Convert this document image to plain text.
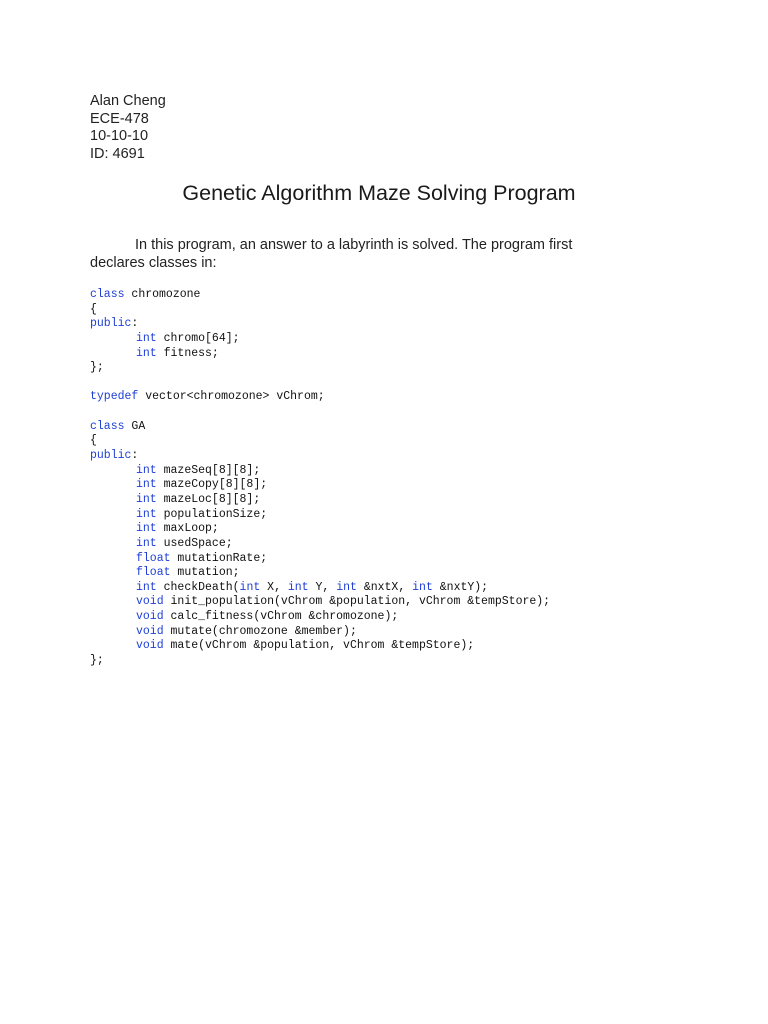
Alan Cheng
ECE-478
10-10-10
ID: 4691
Genetic Algorithm Maze Solving Program
In this program, an answer to a labyrinth is solved. The program first
declares classes in:
class chromozone
{
public:
int chromo[64];
int fitness;
};
typedef vector<chromozone> vChrom;
class GA
{
public:
int mazeSeq[8][8];
int mazeCopy[8][8];
int mazeLoc[8][8];
int populationSize;
int maxLoop;
int usedSpace;
float mutationRate;
float mutation;
int checkDeath(int X, int Y, int &nxtX, int &nxtY);
void init_population(vChrom &population, vChrom &tempStore);
void calc_fitness(vChrom &chromozone);
void mutate(chromozone &member);
void mate(vChrom &population, vChrom &tempStore);
};
